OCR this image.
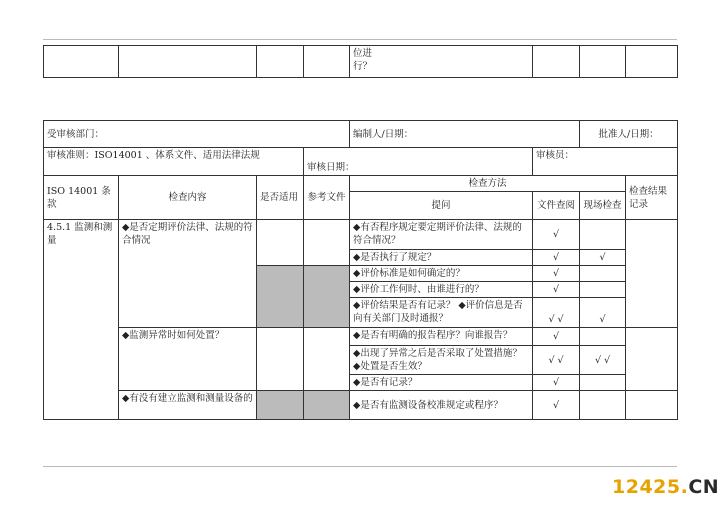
位进
行？

受审核部门：				编制人/日期：		批准人/日期：	
审核准则：ISO14001 、体系文件、适用法律法规			审核日期：		审核员：		
ISO 14001 条款	检查内容	是否适用	参考文件	检查方法			检查结果记录
				提问	文件查阅	现场检查	
4.5.1 监测和测量	◆是否定期评价法律、法规的符合情况			◆有否程序规定要定期评价法律、法规的符合情况？	√		
				◆是否执行了规定？	√	√	
				◆评价标准是如何确定的？	√		
				◆评价工作何时、由谁进行的？	√		
				◆评价结果是否有记录？ ◆评价信息是否向有关部门及时通报？	√ √	√	
	◆监测异常时如何处置？			◆是否有明确的报告程序？向谁报告？	√		
				◆出现了异常之后是否采取了处置措施？ ◆处置是否生效？	√ √	√ √	
				◆是否有记录？	√		
	◆有没有建立监测和测量设备的			◆是否有监测设备校准规定或程序？	√		
12425.CN
